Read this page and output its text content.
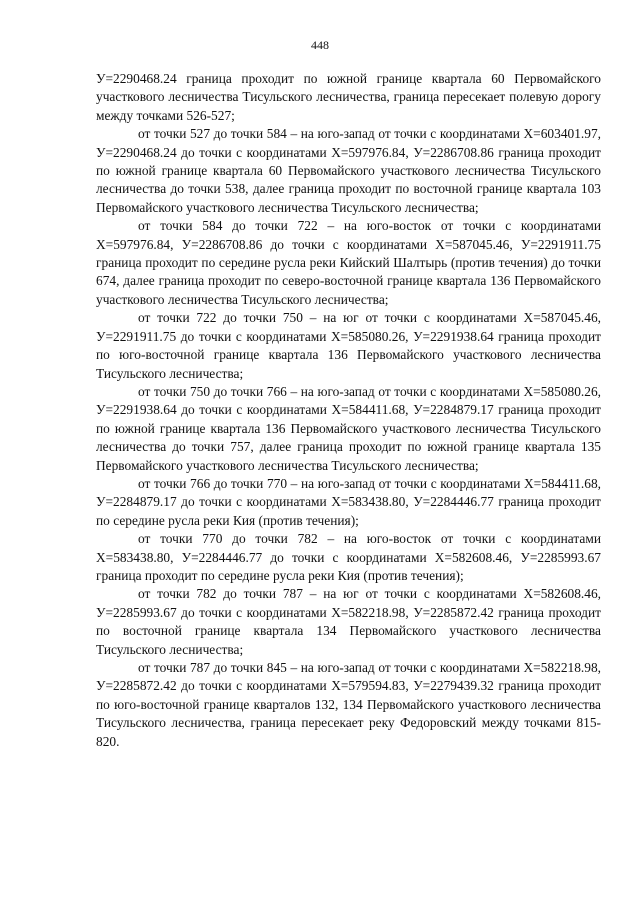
448

У=2290468.24 граница проходит по южной границе квартала 60 Первомайского участкового лесничества Тисульского лесничества, граница пересекает полевую дорогу между точками 526-527;

от точки 527 до точки 584 – на юго-запад от точки с координатами Х=603401.97, У=2290468.24 до точки с координатами Х=597976.84, У=2286708.86 граница проходит по южной границе квартала 60 Первомайского участкового лесничества Тисульского лесничества до точки 538, далее граница проходит по восточной границе квартала 103 Первомайского участкового лесничества Тисульского лесничества;

от точки 584 до точки 722 – на юго-восток от точки с координатами Х=597976.84, У=2286708.86 до точки с координатами Х=587045.46, У=2291911.75 граница проходит по середине русла реки Кийский Шалтырь (против течения) до точки 674, далее граница проходит по северо-восточной границе квартала 136 Первомайского участкового лесничества Тисульского лесничества;

от точки 722 до точки 750 – на юг от точки с координатами Х=587045.46, У=2291911.75 до точки с координатами Х=585080.26, У=2291938.64 граница проходит по юго-восточной границе квартала 136 Первомайского участкового лесничества Тисульского лесничества;

от точки 750 до точки 766 – на юго-запад от точки с координатами Х=585080.26, У=2291938.64 до точки с координатами Х=584411.68, У=2284879.17 граница проходит по южной границе квартала 136 Первомайского участкового лесничества Тисульского лесничества до точки 757, далее граница проходит по южной границе квартала 135 Первомайского участкового лесничества Тисульского лесничества;

от точки 766 до точки 770 – на юго-запад от точки с координатами Х=584411.68, У=2284879.17 до точки с координатами Х=583438.80, У=2284446.77 граница проходит по середине русла реки Кия (против течения);

от точки 770 до точки 782 – на юго-восток от точки с координатами Х=583438.80, У=2284446.77 до точки с координатами Х=582608.46, У=2285993.67 граница проходит по середине русла реки Кия (против течения);

от точки 782 до точки 787 – на юг от точки с координатами Х=582608.46, У=2285993.67 до точки с координатами Х=582218.98, У=2285872.42 граница проходит по восточной границе квартала 134 Первомайского участкового лесничества Тисульского лесничества;

от точки 787 до точки 845 – на юго-запад от точки с координатами Х=582218.98, У=2285872.42 до точки с координатами Х=579594.83, У=2279439.32 граница проходит по юго-восточной границе кварталов 132, 134 Первомайского участкового лесничества Тисульского лесничества, граница пересекает реку Федоровский между точками 815-820.
